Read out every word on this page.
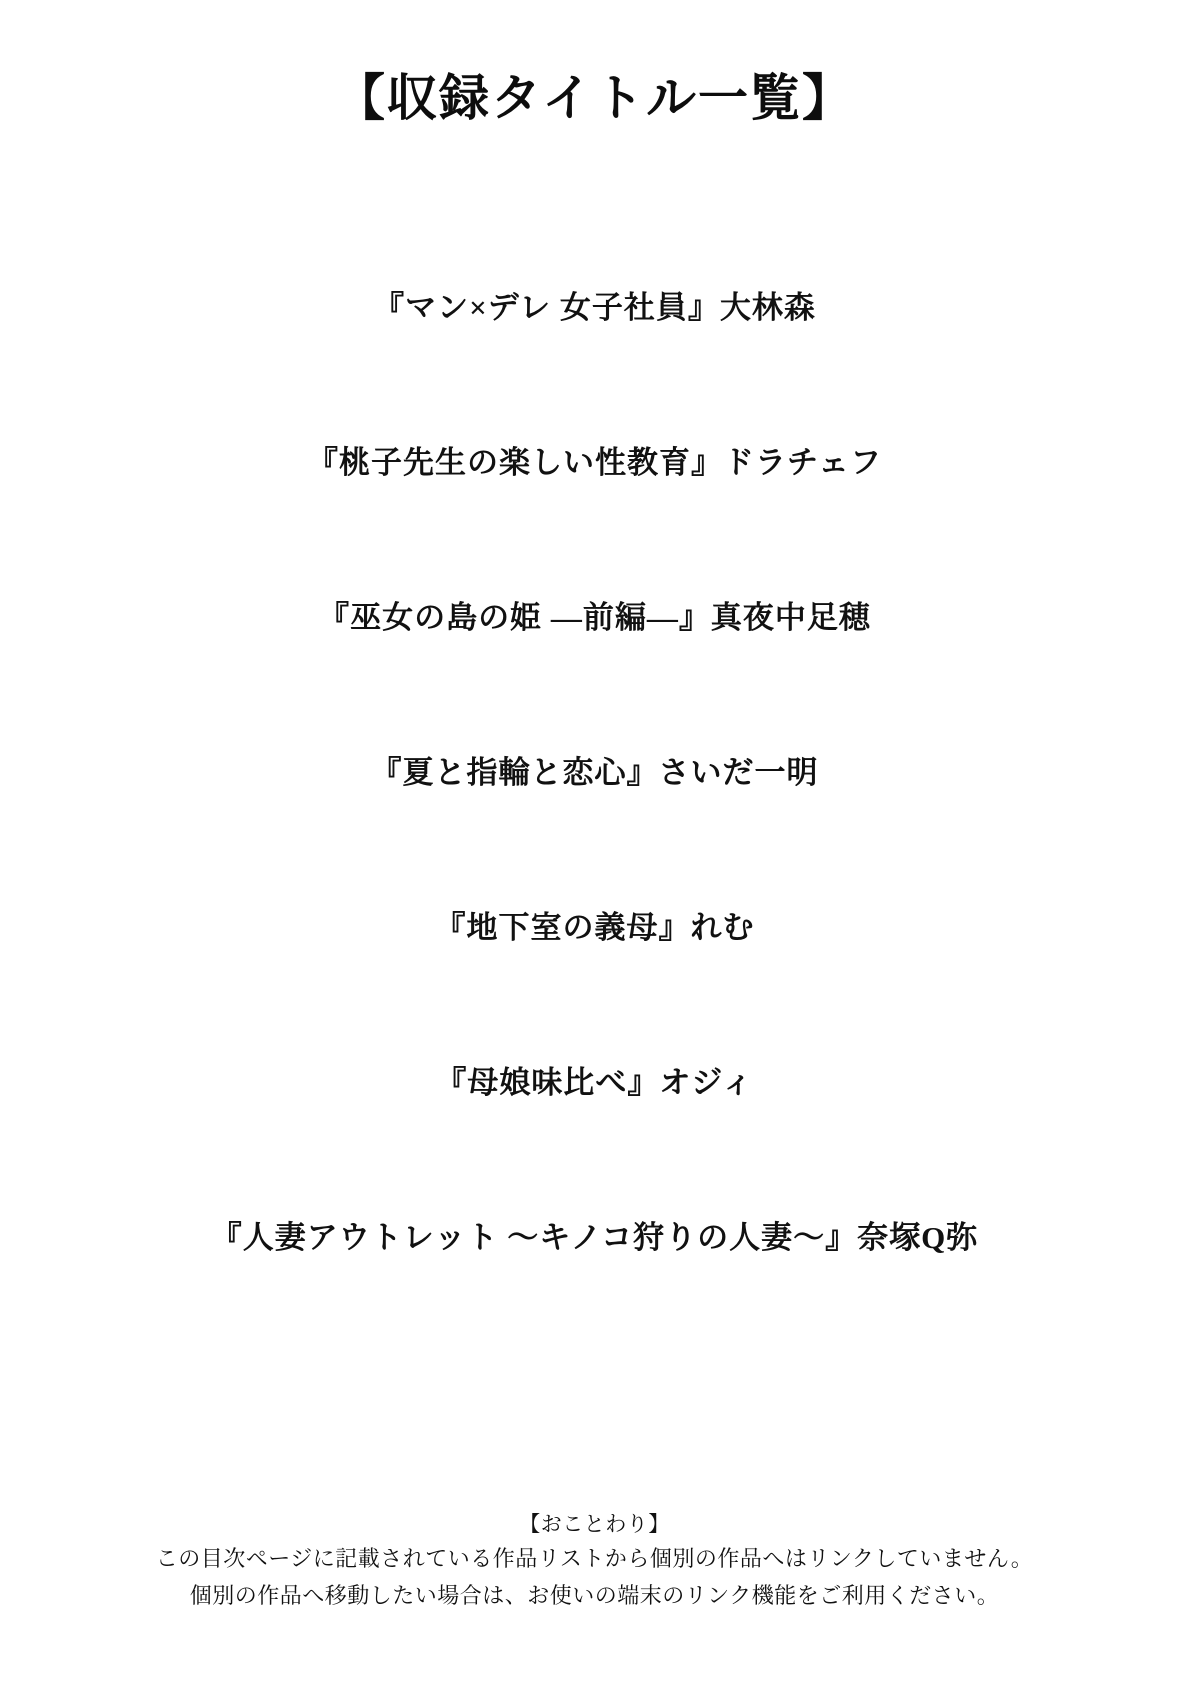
【収録タイトル一覧】
『マン×デレ 女子社員』大林森
『桃子先生の楽しい性教育』ドラチェフ
『巫女の島の姫 —前編—』真夜中足穂
『夏と指輪と恋心』さいだ一明
『地下室の義母』れむ
『母娘味比べ』オジィ
『人妻アウトレット ～キノコ狩りの人妻～』奈塚Q弥
【おことわり】
この目次ページに記載されている作品リストから個別の作品へはリンクしていません。
個別の作品へ移動したい場合は、お使いの端末のリンク機能をご利用ください。
